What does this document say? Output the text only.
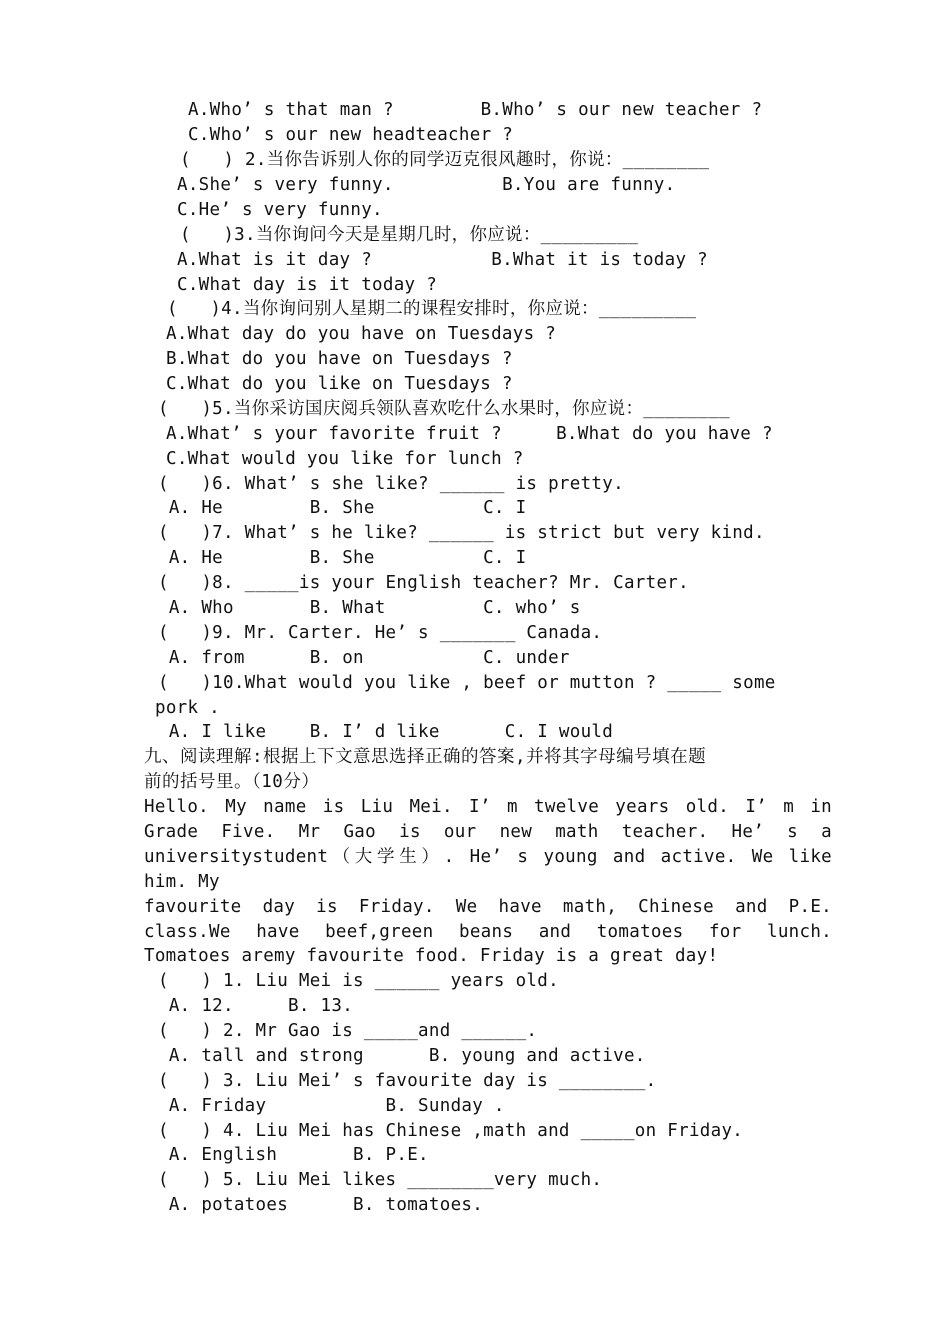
A.Who’ s that man ?        B.Who’ s our new teacher ?
C.Who’ s our new headteacher ?
(   ) 2.当你告诉别人你的同学迈克很风趣时，你说：________
A.She’ s very funny.          B.You are funny.
C.He’ s very funny.
(   )3.当你询问今天是星期几时，你应说：_________
A.What is it day ?           B.What it is today ?
C.What day is it today ?
(   )4.当你询问别人星期二的课程安排时，你应说：_________
A.What day do you have on Tuesdays ?
B.What do you have on Tuesdays ?
C.What do you like on Tuesdays ?
(   )5.当你采访国庆阅兵领队喜欢吃什么水果时，你应说：________
A.What’ s your favorite fruit ?     B.What do you have ?
C.What would you like for lunch ?
(   )6. What’ s she like? ______ is pretty.
A. He        B. She          C. I
(   )7. What’ s he like? ______ is strict but very kind.
A. He        B. She          C. I
(   )8. _____is your English teacher? Mr. Carter.
A. Who       B. What         C. who’ s
(   )9. Mr. Carter. He’ s _______ Canada.
A. from      B. on           C. under
(   )10.What would you like , beef or mutton ? _____ some
pork .
A. I like    B. I’ d like      C. I would
九、阅读理解:根据上下文意思选择正确的答案,并将其字母编号填在题
前的括号里。（10分）
Hello. My name is Liu Mei. I’ m twelve years old. I’ m in
Grade Five. Mr Gao is our new math teacher. He’ s a
universitystudent（大学生）. He’ s young and active. We like
him. My
favourite day is Friday. We have math, Chinese and P.E.
class.We have beef,green beans and tomatoes for lunch.
Tomatoes aremy favourite food. Friday is a great day!
(   ) 1. Liu Mei is ______ years old.
A. 12.     B. 13.
(   ) 2. Mr Gao is _____and ______.
A. tall and strong      B. young and active.
(   ) 3. Liu Mei’ s favourite day is ________.
A. Friday           B. Sunday .
(   ) 4. Liu Mei has Chinese ,math and _____on Friday.
A. English       B. P.E.
(   ) 5. Liu Mei likes ________very much.
A. potatoes      B. tomatoes.
